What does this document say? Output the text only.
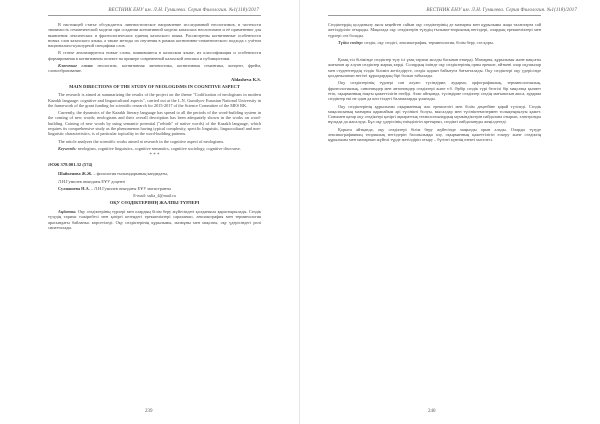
ВЕСТНИК ЕНУ им. Л.Н. Гумилева. Серия Филология. №1(118)/2017

В настоящей статье обсуждается лингвистическое направление исследований неологизмов, в частности значимость семантической модели при создании когнитивной модели казахских неологизмов и её применение для выявления лексических и фразеологических единиц казахского языка. Рассмотрены когнитивные особенности новых слов казахского языка, а также методы их изучения в рамках когнитивно-семантического подхода с учётом национально-культурной специфики слов.

В статье анализируются новые слова, появившиеся в казахском языке, их классификация и особенности формирования в когнитивном аспекте на примере современной казахской лексики и публицистики.

Ключевые слова: неологизм, когнитивная лингвистика, когнитивная семантика, концепт, фрейм, словообразование.

Aldasheva K.S.
MAIN DIRECTIONS OF THE STUDY OF NEOLOGISMS IN COGNITIVE ASPECT

The research is aimed at summarizing the results of the project on the theme "Codification of neologisms in modern Kazakh language: cognitive and linguocultural aspects", carried out at the L.N. Gumilyov Eurasian National University in the framework of the grant funding for scientific research for 2015-2017 of the Science Committee of the MES RK.

Currently, the dynamics of the Kazakh literary language has spread to all the periods of the word-building system in the coming of new words; neologisms and their overall description has been adequately shown in the works on word-building. Coining of new words by using semantic potential ("rebirth" of native words) of the Kazakh language, which requires its comprehensive study as the phenomenon having typical complexity, specific linguistic, linguocultural and non-linguistic characteristics, is of particular topicality in the word-building patterns.

The article analyzes the scientific works aimed at research in the cognitive aspect of neologisms.

Keywords: neologism, cognitive linguistics, cognitive semantics, cognitive sociology, cognitive discourse.

* * *
ӘОЖ 378.001.32 (574)

Шайкенова Ж.Ж. – филология ғылымдарының кандидаты,

Л.Н.Гумилев атындағы ЕҰУ доценті

Сулиашева Н.А. – Л.Н.Гумилев атындағы ЕҰУ магистранты

E-mail: sulia_4@mail.ru

ОҚУ СӨЗДІКТЕРІНІҢ ЖАЛПЫ ТҮРЛЕРІ

Аңдатпа. Оқу сөздіктерінің түрлері мен олардың білім беру жүйесіндегі қолданысы қарастырылады. Сөздік түзудің тарихи тәжірибесі мен қазіргі кезеңдегі ерекшеліктері сараланып, лексикография мен терминология арасындағы байланыс көрсетіледі. Оқу сөздіктерінің құрылымы, мазмұны мен мақсаты, оқу үдерісіндегі рөлі сипатталады.

239
ВЕСТНИК ЕНУ им. Л.Н. Гумилева. Серия Филология. №1(118)/2017

Сөздіктердің қолданылу аясы кеңейген сайын оқу сөздіктерінің де мазмұны мен құрылымы жаңа талаптарға сай жетілдіріліп отырады. Мақалада оқу сөздіктерін түзудің ғылыми-теориялық негіздері, олардың ерекшеліктері мен түрлері сөз болады.

Түйін сөздер: сөздік, оқу сөздігі, лексикография, терминология, білім беру, сөз қоры.

Қазақ тіл білімінде сөздіктер түзу ісі ұзақ тарихи жолды басынан өткерді. Мазмұны, құрылымы және мақсаты жағынан әр алуан сөздіктер жарық көрді. Солардың ішінде оқу сөздіктерінің орны ерекше, өйткені олар оқушылар мен студенттердің тілдік білімін жетілдіруге, сөздік қорын байытуға бағытталады. Оқу сөздіктері оқу үдерісінде қолданылатын негізгі құралдардың бірі болып табылады.

Оқу сөздіктерінің түрлері сан алуан: түсіндірме, аударма, орфографиялық, терминологиялық, фразеологиялық, синонимдер мен антонимдер сөздіктері және т.б. Әрбір сөздік түрі белгілі бір мақсатқа қызмет етіп, оқырманның нақты қажеттілігін өтейді. Атап айтқанда, түсіндірме сөздіктер сөздің мағынасын ашса, аударма сөздіктер екі не одан да көп тілдегі баламаларды ұсынады.

Оқу сөздіктерінің құрылымы оқырманның жас ерекшелігі мен білім деңгейіне қарай түзіледі. Сөздік мақаласының мазмұны қарапайым әрі түсінікті болуы, мысалдар мен түсініктемелермен толықтырылуы қажет. Сонымен қатар оқу сөздіктері қазіргі ақпараттық технологиялардың мүмкіндіктерін пайдалана отырып, электронды нұсқада да жасалуда. Бұл оқу үдерісінің тиімділігін арттырып, сөздікті пайдалануды жеңілдетеді.

Қорыта айтқанда, оқу сөздіктері білім беру жүйесінде маңызды орын алады. Оларды түзуде лексикографияның теориялық негіздерін басшылыққа алу, оқырманның қажеттілігін ескеру және сөздіктің құрылымы мен мазмұнын жүйелі түрде жетілдіріп отыру – бүгінгі күннің өзекті мәселесі.

240
